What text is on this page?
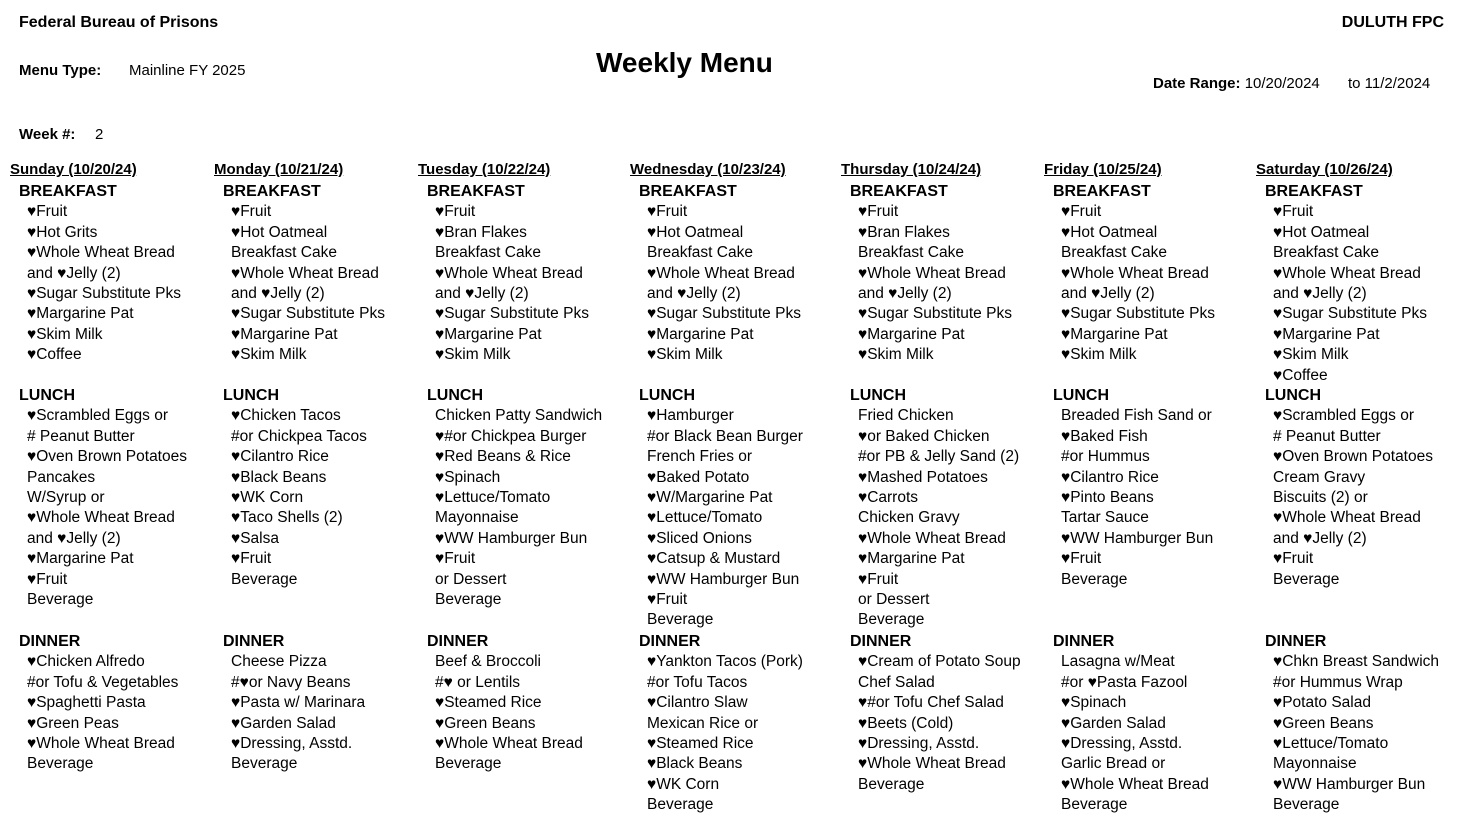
Federal Bureau of Prisons	DULUTH FPC
Weekly Menu
Menu Type: Mainline FY 2025
Date Range: 10/20/2024 to 11/2/2024
Week #: 2
Sunday (10/20/24)
BREAKFAST
♥Fruit
♥Hot Grits
♥Whole Wheat Bread
and ♥Jelly (2)
♥Sugar Substitute Pks
♥Margarine Pat
♥Skim Milk
♥Coffee
LUNCH
♥Scrambled Eggs or
# Peanut Butter
♥Oven Brown Potatoes
Pancakes
W/Syrup or
♥Whole Wheat Bread
and ♥Jelly (2)
♥Margarine Pat
♥Fruit
Beverage
DINNER
♥Chicken Alfredo
#or Tofu & Vegetables
♥Spaghetti Pasta
♥Green Peas
♥Whole Wheat Bread
Beverage
Monday (10/21/24)
BREAKFAST
♥Fruit
♥Hot Oatmeal
Breakfast Cake
♥Whole Wheat Bread
and ♥Jelly (2)
♥Sugar Substitute Pks
♥Margarine Pat
♥Skim Milk
LUNCH
♥Chicken Tacos
#or Chickpea Tacos
♥Cilantro Rice
♥Black Beans
♥WK Corn
♥Taco Shells (2)
♥Salsa
♥Fruit
Beverage
DINNER
Cheese Pizza
#♥or Navy Beans
♥Pasta w/ Marinara
♥Garden Salad
♥Dressing, Asstd.
Beverage
Tuesday (10/22/24)
BREAKFAST
♥Fruit
♥Bran Flakes
Breakfast Cake
♥Whole Wheat Bread
and ♥Jelly (2)
♥Sugar Substitute Pks
♥Margarine Pat
♥Skim Milk
LUNCH
Chicken Patty Sandwich
♥#or Chickpea Burger
♥Red Beans & Rice
♥Spinach
♥Lettuce/Tomato
Mayonnaise
♥WW Hamburger Bun
♥Fruit
or Dessert
Beverage
DINNER
Beef & Broccoli
#♥ or Lentils
♥Steamed Rice
♥Green Beans
♥Whole Wheat Bread
Beverage
Wednesday (10/23/24)
BREAKFAST
♥Fruit
♥Hot Oatmeal
Breakfast Cake
♥Whole Wheat Bread
and ♥Jelly (2)
♥Sugar Substitute Pks
♥Margarine Pat
♥Skim Milk
LUNCH
♥Hamburger
#or Black Bean Burger
French Fries or
♥Baked Potato
♥W/Margarine Pat
♥Lettuce/Tomato
♥Sliced Onions
♥Catsup & Mustard
♥WW Hamburger Bun
♥Fruit
Beverage
DINNER
♥Yankton Tacos (Pork)
#or Tofu Tacos
♥Cilantro Slaw
Mexican Rice or
♥Steamed Rice
♥Black Beans
♥WK Corn
Beverage
Thursday (10/24/24)
BREAKFAST
♥Fruit
♥Bran Flakes
Breakfast Cake
♥Whole Wheat Bread
and ♥Jelly (2)
♥Sugar Substitute Pks
♥Margarine Pat
♥Skim Milk
LUNCH
Fried Chicken
♥or Baked Chicken
#or PB & Jelly Sand (2)
♥Mashed Potatoes
♥Carrots
Chicken Gravy
♥Whole Wheat Bread
♥Margarine Pat
♥Fruit
or Dessert
Beverage
DINNER
♥Cream of Potato Soup
Chef Salad
♥#or Tofu Chef Salad
♥Beets (Cold)
♥Dressing, Asstd.
♥Whole Wheat Bread
Beverage
Friday (10/25/24)
BREAKFAST
♥Fruit
♥Hot Oatmeal
Breakfast Cake
♥Whole Wheat Bread
and ♥Jelly (2)
♥Sugar Substitute Pks
♥Margarine Pat
♥Skim Milk
LUNCH
Breaded Fish Sand or
♥Baked Fish
#or Hummus
♥Cilantro Rice
♥Pinto Beans
Tartar Sauce
♥WW Hamburger Bun
♥Fruit
Beverage
DINNER
Lasagna w/Meat
#or ♥Pasta Fazool
♥Spinach
♥Garden Salad
♥Dressing, Asstd.
Garlic Bread or
♥Whole Wheat Bread
Beverage
Saturday (10/26/24)
BREAKFAST
♥Fruit
♥Hot Oatmeal
Breakfast Cake
♥Whole Wheat Bread
and ♥Jelly (2)
♥Sugar Substitute Pks
♥Margarine Pat
♥Skim Milk
♥Coffee
LUNCH
♥Scrambled Eggs or
# Peanut Butter
♥Oven Brown Potatoes
Cream Gravy
Biscuits (2) or
♥Whole Wheat Bread
and ♥Jelly (2)
♥Fruit
Beverage
DINNER
♥Chkn Breast Sandwich
#or Hummus Wrap
♥Potato Salad
♥Green Beans
♥Lettuce/Tomato
Mayonnaise
♥WW Hamburger Bun
Beverage
